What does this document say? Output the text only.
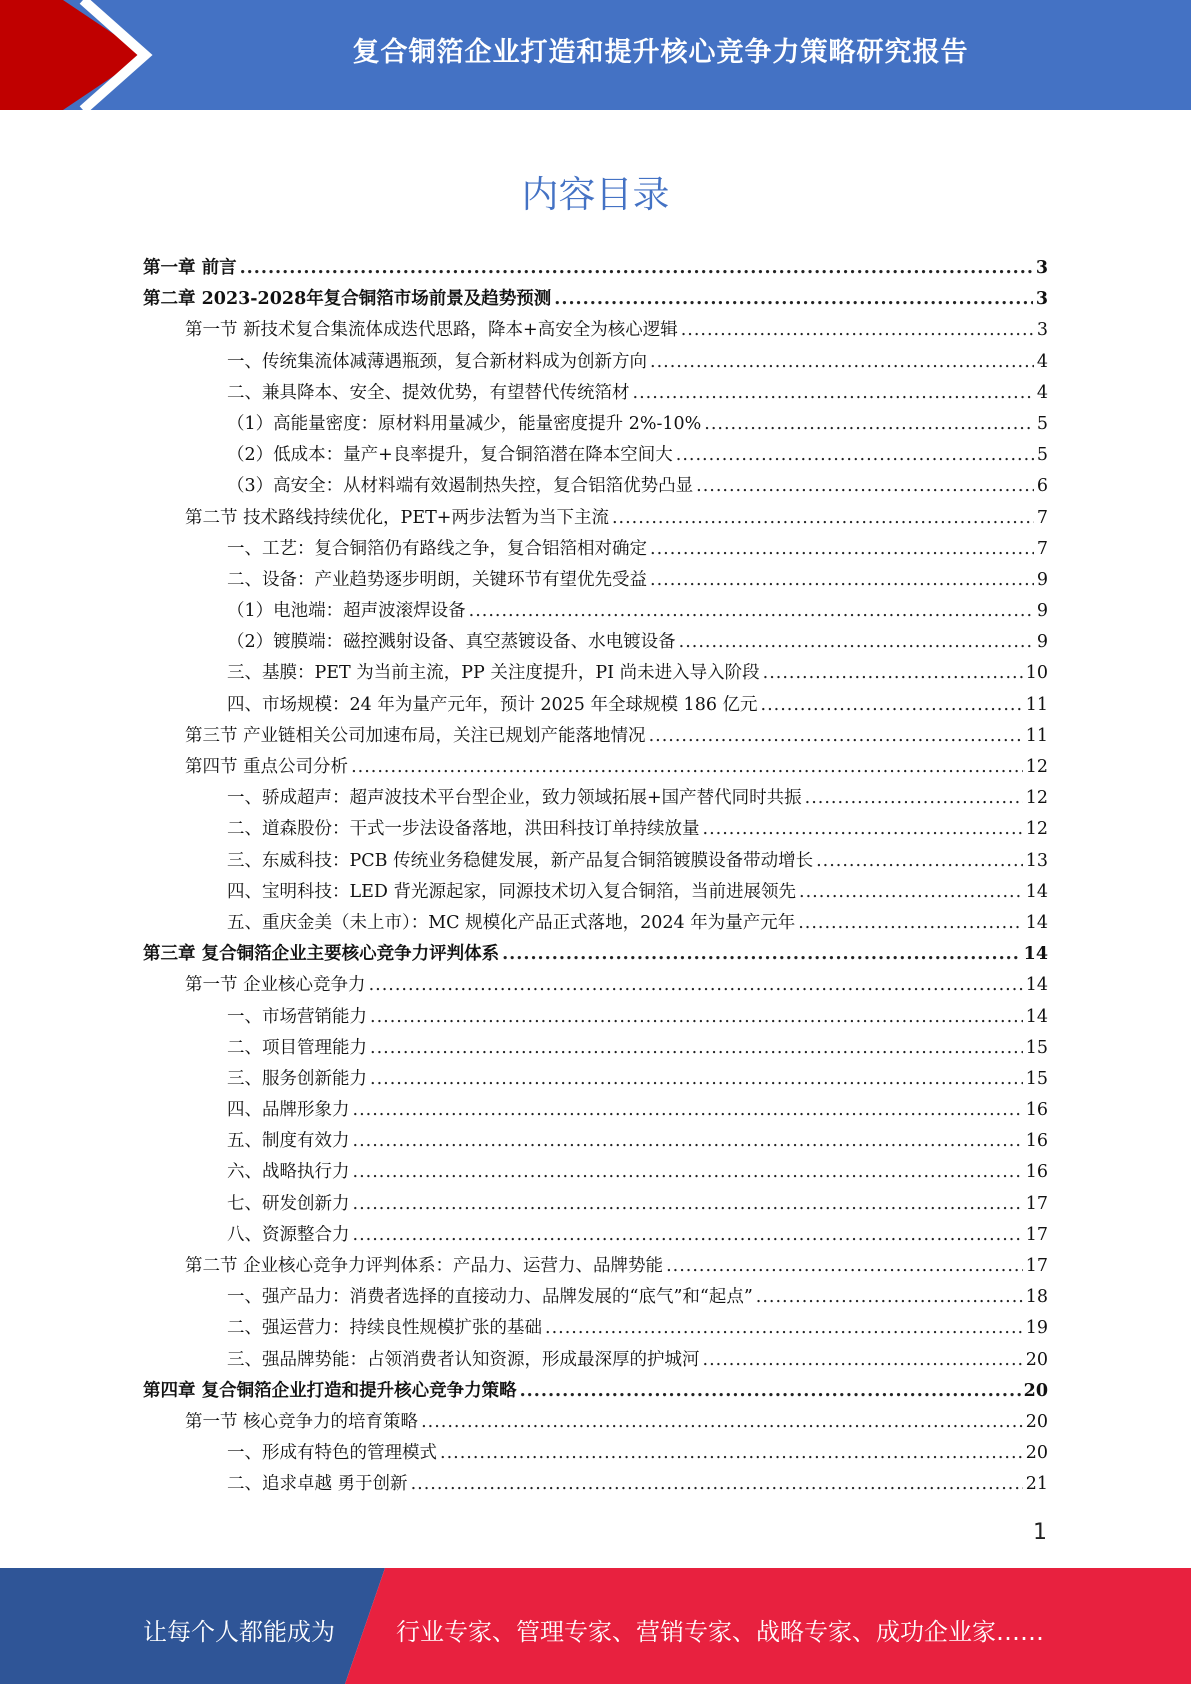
复合铜箔企业打造和提升核心竞争力策略研究报告
内容目录
第一章 前言 .....	3
第二章 2023-2028年复合铜箔市场前景及趋势预测 .....	3
第一节 新技术复合集流体成迭代思路，降本+高安全为核心逻辑 .....	3
一、传统集流体减薄遇瓶颈，复合新材料成为创新方向 .....	4
二、兼具降本、安全、提效优势，有望替代传统箔材 .....	4
（1）高能量密度：原材料用量减少，能量密度提升 2%-10% .....	5
（2）低成本：量产+良率提升，复合铜箔潜在降本空间大 .....	5
（3）高安全：从材料端有效遏制热失控，复合铝箔优势凸显 .....	6
第二节 技术路线持续优化，PET+两步法暂为当下主流 .....	7
一、工艺：复合铜箔仍有路线之争，复合铝箔相对确定 .....	7
二、设备：产业趋势逐步明朗，关键环节有望优先受益 .....	9
（1）电池端：超声波滚焊设备 .....	9
（2）镀膜端：磁控溅射设备、真空蒸镀设备、水电镀设备 .....	9
三、基膜：PET 为当前主流，PP 关注度提升，PI 尚未进入导入阶段 .....	10
四、市场规模：24 年为量产元年，预计 2025 年全球规模 186 亿元 .....	11
第三节 产业链相关公司加速布局，关注已规划产能落地情况 .....	11
第四节 重点公司分析 .....	12
一、骄成超声：超声波技术平台型企业，致力领域拓展+国产替代同时共振 .....	12
二、道森股份：干式一步法设备落地，洪田科技订单持续放量 .....	12
三、东威科技：PCB 传统业务稳健发展，新产品复合铜箔镀膜设备带动增长 .....	13
四、宝明科技：LED 背光源起家，同源技术切入复合铜箔，当前进展领先 .....	14
五、重庆金美（未上市）：MC 规模化产品正式落地，2024 年为量产元年 .....	14
第三章 复合铜箔企业主要核心竞争力评判体系 .....	14
第一节 企业核心竞争力 .....	14
一、市场营销能力 .....	14
二、项目管理能力 .....	15
三、服务创新能力 .....	15
四、品牌形象力 .....	16
五、制度有效力 .....	16
六、战略执行力 .....	16
七、研发创新力 .....	17
八、资源整合力 .....	17
第二节 企业核心竞争力评判体系：产品力、运营力、品牌势能 .....	17
一、强产品力：消费者选择的直接动力、品牌发展的“底气”和“起点” .....	18
二、强运营力：持续良性规模扩张的基础 .....	19
三、强品牌势能：占领消费者认知资源，形成最深厚的护城河 .....	20
第四章 复合铜箔企业打造和提升核心竞争力策略 .....	20
第一节 核心竞争力的培育策略 .....	20
一、形成有特色的管理模式 .....	20
二、追求卓越 勇于创新 .....	21
1
让每个人都能成为	行业专家、管理专家、营销专家、战略专家、成功企业家……
